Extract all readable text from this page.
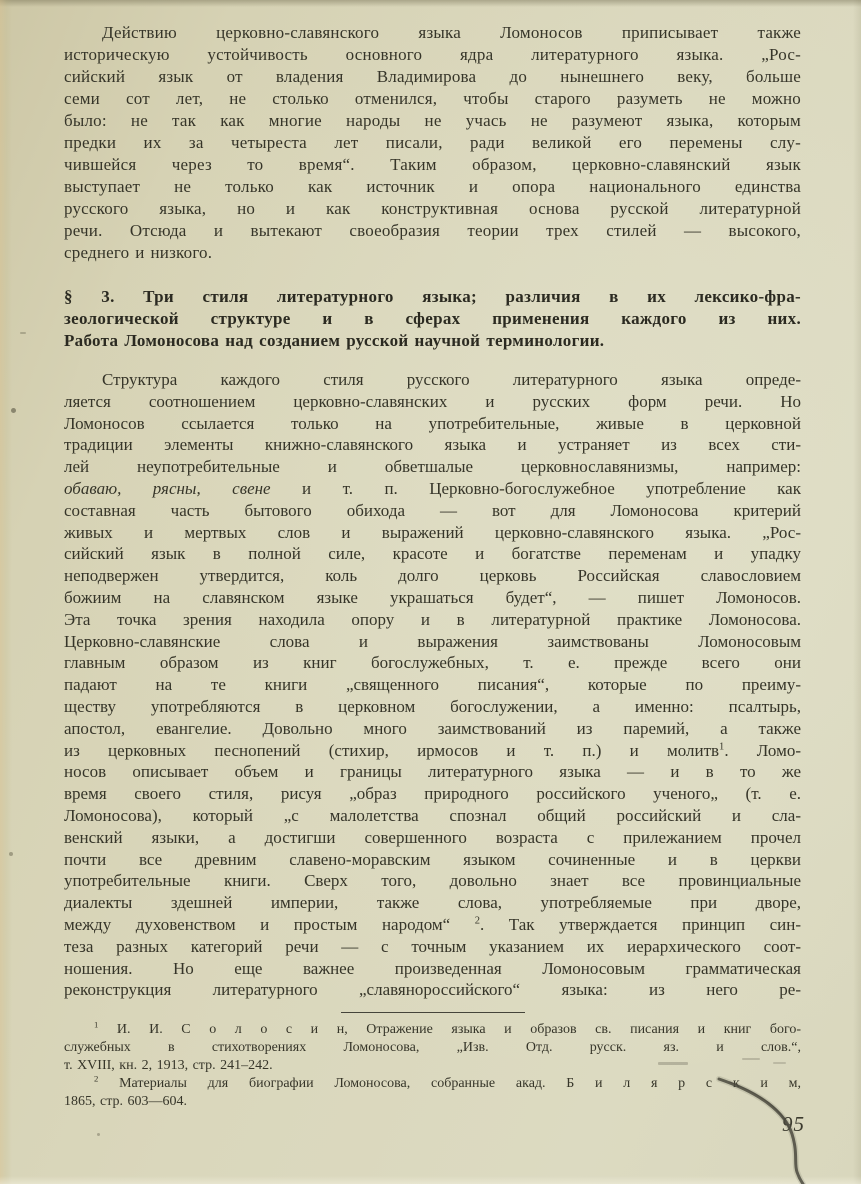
Действию церковно-славянского языка Ломоносов приписывает также
историческую устойчивость основного ядра литературного языка. „Рос-
сийский язык от владения Владимирова до нынешнего веку, больше
семи сот лет, не столько отменился, чтобы старого разуметь не можно
было: не так как многие народы не учась не разумеют языка, которым
предки их за четыреста лет писали, ради великой его перемены слу-
чившейся через то время“. Таким образом, церковно-славянский язык
выступает не только как источник и опора национального единства
русского языка, но и как конструктивная основа русской литературной
речи. Отсюда и вытекают своеобразия теории трех стилей — высокого,
среднего и низкого.
§ 3. Три стиля литературного языка; различия в их лексико-фра-
зеологической структуре и в сферах применения каждого из них.
Работа Ломоносова над созданием русской научной терминологии.
Структура каждого стиля русского литературного языка опреде-
ляется соотношением церковно-славянских и русских форм речи. Но
Ломоносов ссылается только на употребительные, живые в церковной
традиции элементы книжно-славянского языка и устраняет из всех сти-
лей неупотребительные и обветшалые церковнославянизмы, например:
обаваю, рясны, свене и т. п. Церковно-богослужебное употребление как
составная часть бытового обихода — вот для Ломоносова критерий
живых и мертвых слов и выражений церковно-славянского языка. „Рос-
сийский язык в полной силе, красоте и богатстве переменам и упадку
неподвержен утвердится, коль долго церковь Российская славословием
божиим на славянском языке украшаться будет“, — пишет Ломоносов.
Эта точка зрения находила опору и в литературной практике Ломоносова.
Церковно-славянские слова и выражения заимствованы Ломоносовым
главным образом из книг богослужебных, т. е. прежде всего они
падают на те книги „священного писания“, которые по преиму-
ществу употребляются в церковном богослужении, а именно: псалтырь,
апостол, евангелие. Довольно много заимствований из паремий, а также
из церковных песнопений (стихир, ирмосов и т. п.) и молитв$^1$. Ломо-
носов описывает объем и границы литературного языка — и в то же
время своего стиля, рисуя „образ природного российского ученого„ (т. е.
Ломоносова), который „с малолетства спознал общий российский и сла-
венский языки, а достигши совершенного возраста с прилежанием прочел
почти все древним славено-моравским языком сочиненные и в церкви
употребительные книги. Сверх того, довольно знает все провинциальные
диалекты здешней империи, также слова, употребляемые при дворе,
между духовенством и простым народом“ $^2$. Так утверждается принцип син-
теза разных категорий речи — с точным указанием их иерархического соот-
ношения. Но еще важнее произведенная Ломоносовым грамматическая
реконструкция литературного „славянороссийского“ языка: из него ре-
$^1$ И. И. С о л о с и н, Отражение языка и образов св. писания и книг бого-
служебных в стихотворениях Ломоносова, „Изв. Отд. русск. яз. и слов.“,
т. XVIII, кн. 2, 1913, стр. 241–242.
$^2$ Материалы для биографии Ломоносова, собранные акад. Б и л я р с к и м,
1865, стр. 603—604.
95
